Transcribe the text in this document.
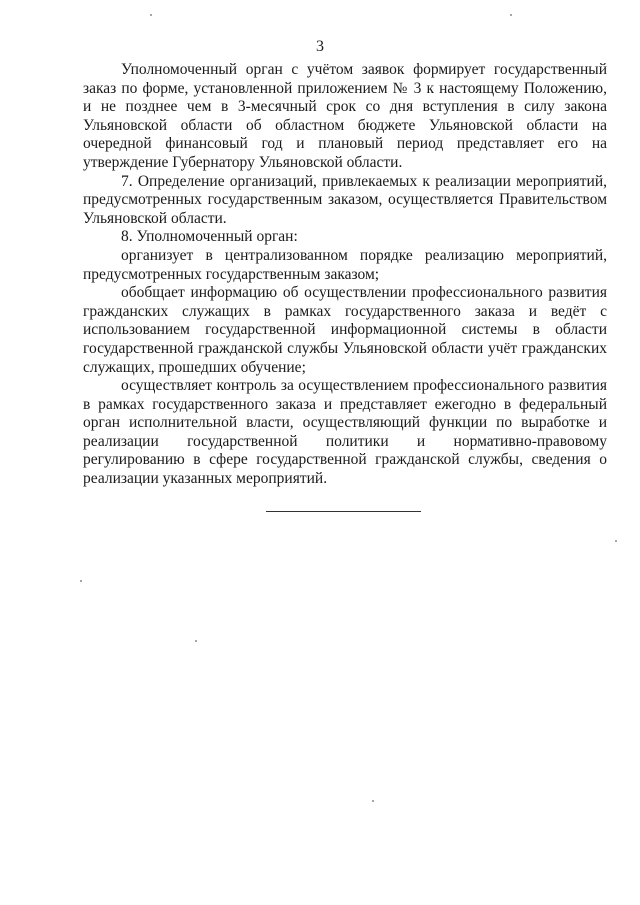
3

Уполномоченный орган с учётом заявок формирует государственный заказ по форме, установленной приложением № 3 к настоящему Положению, и не позднее чем в 3-месячный срок со дня вступления в силу закона Ульяновской области об областном бюджете Ульяновской области на очередной финансовый год и плановый период представляет его на утверждение Губернатору Ульяновской области.

7. Определение организаций, привлекаемых к реализации мероприятий, предусмотренных государственным заказом, осуществляется Правительством Ульяновской области.

8. Уполномоченный орган:

организует в централизованном порядке реализацию мероприятий, предусмотренных государственным заказом;

обобщает информацию об осуществлении профессионального развития гражданских служащих в рамках государственного заказа и ведёт с использованием государственной информационной системы в области государственной гражданской службы Ульяновской области учёт гражданских служащих, прошедших обучение;

осуществляет контроль за осуществлением профессионального развития в рамках государственного заказа и представляет ежегодно в федеральный орган исполнительной власти, осуществляющий функции по выработке и реализации государственной политики и нормативно-правовому регулированию в сфере государственной гражданской службы, сведения о реализации указанных мероприятий.
